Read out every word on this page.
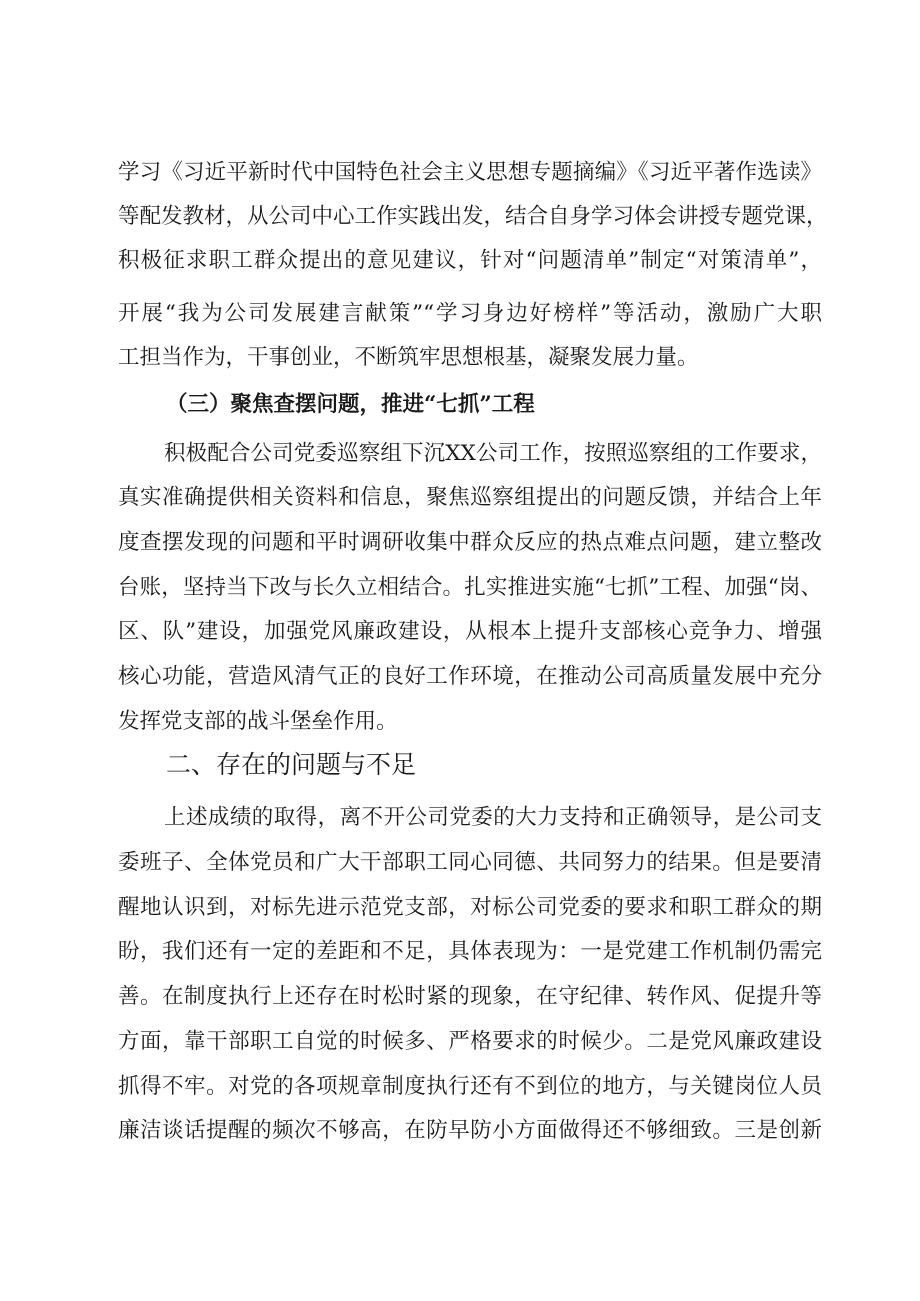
学习《习近平新时代中国特色社会主义思想专题摘编》《习近平著作选读》
等配发教材，从公司中心工作实践出发，结合自身学习体会讲授专题党课，
积极征求职工群众提出的意见建议，针对“问题清单”制定“对策清单”，
开展“我为公司发展建言献策”“学习身边好榜样”等活动，激励广大职
工担当作为，干事创业，不断筑牢思想根基，凝聚发展力量。
（三）聚焦查摆问题，推进“七抓”工程
积极配合公司党委巡察组下沉XX公司工作，按照巡察组的工作要求，
真实准确提供相关资料和信息，聚焦巡察组提出的问题反馈，并结合上年
度查摆发现的问题和平时调研收集中群众反应的热点难点问题，建立整改
台账，坚持当下改与长久立相结合。扎实推进实施“七抓”工程、加强“岗、
区、队”建设，加强党风廉政建设，从根本上提升支部核心竞争力、增强
核心功能，营造风清气正的良好工作环境，在推动公司高质量发展中充分
发挥党支部的战斗堡垒作用。
二、存在的问题与不足
上述成绩的取得，离不开公司党委的大力支持和正确领导，是公司支
委班子、全体党员和广大干部职工同心同德、共同努力的结果。但是要清
醒地认识到，对标先进示范党支部，对标公司党委的要求和职工群众的期
盼，我们还有一定的差距和不足，具体表现为：一是党建工作机制仍需完
善。在制度执行上还存在时松时紧的现象，在守纪律、转作风、促提升等
方面，靠干部职工自觉的时候多、严格要求的时候少。二是党风廉政建设
抓得不牢。对党的各项规章制度执行还有不到位的地方，与关键岗位人员
廉洁谈话提醒的频次不够高，在防早防小方面做得还不够细致。三是创新
